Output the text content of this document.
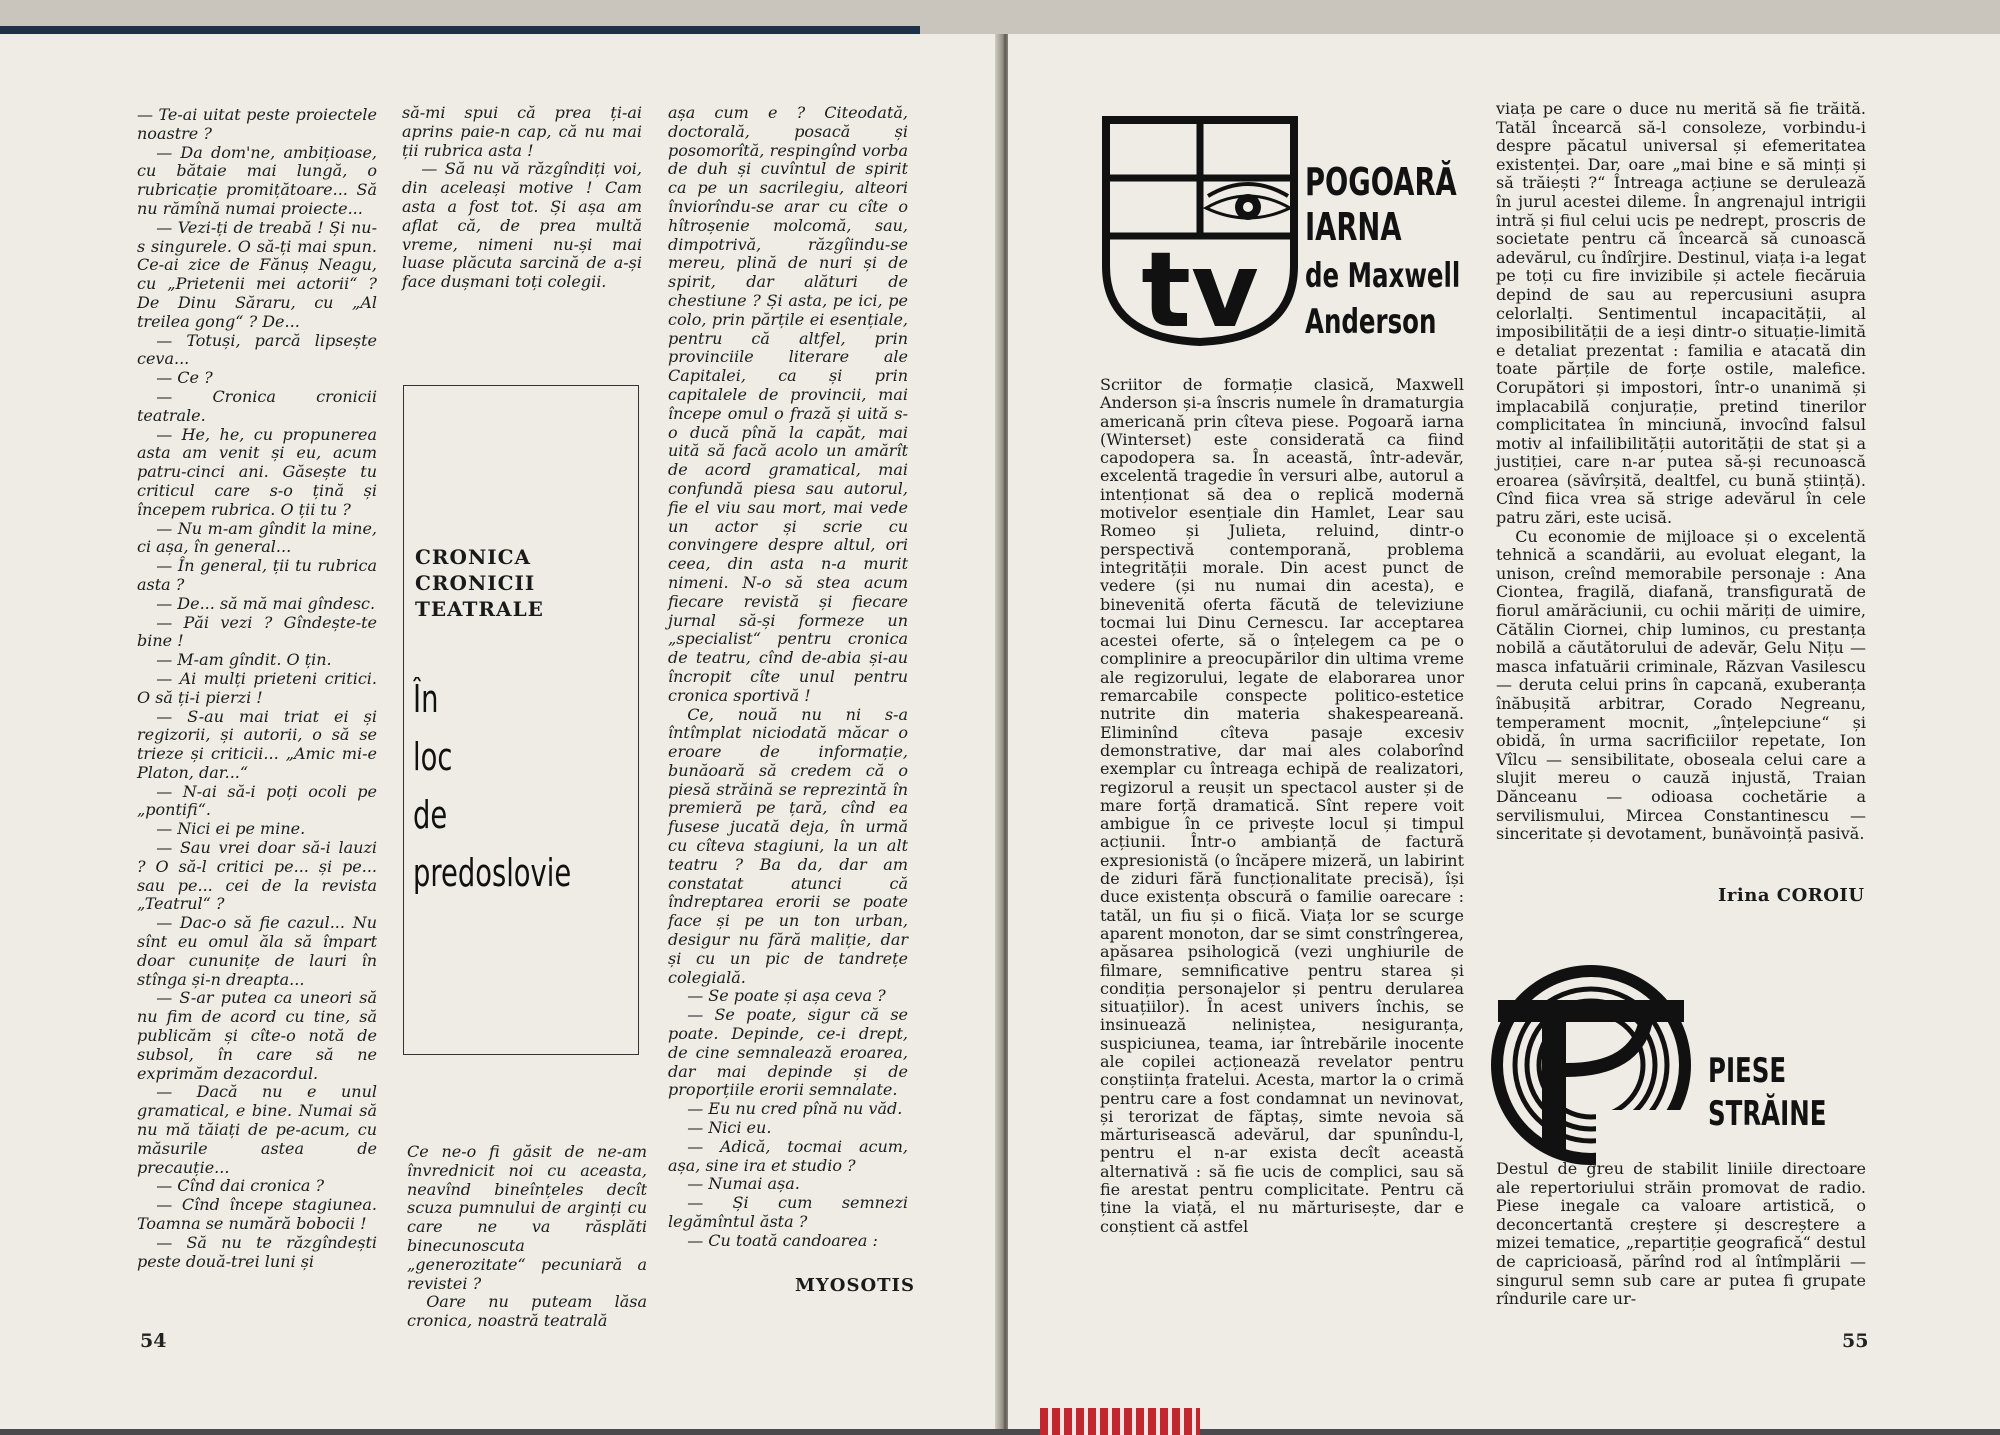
— Te-ai uitat peste proiectele noastre ?

— Da dom'ne, ambițioase, cu bătaie mai lungă, o rubricație promițătoare... Să nu rămînă numai proiecte...

— Vezi-ți de treabă ! Și nu-s singurele. O să-ți mai spun. Ce-ai zice de Fănuș Neagu, cu „Prietenii mei actorii“ ? De Dinu Săraru, cu „Al treilea gong“ ? De...

— Totuși, parcă lipsește ceva...

— Ce ?

— Cronica cronicii teatrale.

— He, he, cu propunerea asta am venit și eu, acum patru-cinci ani. Găsește tu criticul care s-o țină și începem rubrica. O ții tu ?

— Nu m-am gîndit la mine, ci așa, în general...

— În general, ții tu rubrica asta ?

— De... să mă mai gîndesc.

— Păi vezi ? Gîndește-te bine !

— M-am gîndit. O țin.

— Ai mulți prieteni critici. O să ți-i pierzi !

— S-au mai triat ei și regizorii, și autorii, o să se trieze și criticii... „Amic mi-e Platon, dar...“

— N-ai să-i poți ocoli pe „pontifi“.

— Nici ei pe mine.

— Sau vrei doar să-i lauzi ? O să-l critici pe... și pe... sau pe... cei de la revista „Teatrul“ ?

— Dac-o să fie cazul... Nu sînt eu omul ăla să împart doar cununițe de lauri în stînga și-n dreapta...

— S-ar putea ca uneori să nu fim de acord cu tine, să publicăm și cîte-o notă de subsol, în care să ne exprimăm dezacordul.

— Dacă nu e unul gramatical, e bine. Numai să nu mă tăiați de pe-acum, cu măsurile astea de precauție...

— Cînd dai cronica ?

— Cînd începe stagiunea. Toamna se numără bobocii !

— Să nu te răzgîndești peste două-trei luni și

să-mi spui că prea ți-ai aprins paie-n cap, că nu mai ții rubrica asta !

— Să nu vă răzgîndiți voi, din aceleași motive ! Cam asta a fost tot. Și așa am aflat că, de prea multă vreme, nimeni nu-și mai luase plăcuta sarcină de a-și face dușmani toți colegii.

CRONICA
CRONICII
TEATRALE
În
loc
de
predoslovie

Ce ne-o fi găsit de ne-am învrednicit noi cu aceasta, neavînd bineînțeles decît scuza pumnului de arginți cu care ne va răsplăti binecunoscuta „generozitate“ pecuniară a revistei ?

Oare nu puteam lăsa cronica, noastră teatrală

așa cum e ? Citeodată, doctorală, posacă și posomorîtă, respingînd vorba de duh și cuvîntul de spirit ca pe un sacrilegiu, alteori înviorîndu-se arar cu cîte o hîtroșenie molcomă, sau, dimpotrivă, răzgîindu-se mereu, plină de nuri și de spirit, dar alături de chestiune ? Și asta, pe ici, pe colo, prin părțile ei esențiale, pentru că altfel, prin provinciile literare ale Capitalei, ca și prin capitalele de provincii, mai începe omul o frază și uită s-o ducă pînă la capăt, mai uită să facă acolo un amărît de acord gramatical, mai confundă piesa sau autorul, fie el viu sau mort, mai vede un actor și scrie cu convingere despre altul, ori ceea, din asta n-a murit nimeni. N-o să stea acum fiecare revistă și fiecare jurnal să-și formeze un „specialist“ pentru cronica de teatru, cînd de-abia și-au încropit cîte unul pentru cronica sportivă !

Ce, nouă nu ni s-a întîmplat niciodată măcar o eroare de informație, bunăoară să credem că o piesă străină se reprezintă în premieră pe țară, cînd ea fusese jucată deja, în urmă cu cîteva stagiuni, la un alt teatru ? Ba da, dar am constatat atunci că îndreptarea erorii se poate face și pe un ton urban, desigur nu fără maliție, dar și cu un pic de tandrețe colegială.

— Se poate și așa ceva ?

— Se poate, sigur că se poate. Depinde, ce-i drept, de cine semnalează eroarea, dar mai depinde și de proporțiile erorii semnalate.

— Eu nu cred pînă nu văd.

— Nici eu.

— Adică, tocmai acum, așa, sine ira et studio ?

— Numai așa.

— Și cum semnezi legămîntul ăsta ?

— Cu toată candoarea :

MYOSOTIS
54
tv
POGOARĂ
IARNA
de Maxwell
Anderson

Scriitor de formație clasică, Maxwell Anderson și-a înscris numele în dramaturgia americană prin cîteva piese. Pogoară iarna (Winterset) este considerată ca fiind capodopera sa. În această, într-adevăr, excelentă tragedie în versuri albe, autorul a intenționat să dea o replică modernă motivelor esențiale din Hamlet, Lear sau Romeo și Julieta, reluind, dintr-o perspectivă contemporană, problema integrității morale. Din acest punct de vedere (și nu numai din acesta), e binevenită oferta făcută de televiziune tocmai lui Dinu Cernescu. Iar acceptarea acestei oferte, să o înțelegem ca pe o complinire a preocupărilor din ultima vreme ale regizorului, legate de elaborarea unor remarcabile conspecte politico-estetice nutrite din materia shakespeareană. Eliminînd cîteva pasaje excesiv demonstrative, dar mai ales colaborînd exemplar cu întreaga echipă de realizatori, regizorul a reușit un spectacol auster și de mare forță dramatică. Sînt repere voit ambigue în ce privește locul și timpul acțiunii. Într-o ambianță de factură expresionistă (o încăpere mizeră, un labirint de ziduri fără funcționalitate precisă), își duce existența obscură o familie oarecare : tatăl, un fiu și o fiică. Viața lor se scurge aparent monoton, dar se simt constrîngerea, apăsarea psihologică (vezi unghiurile de filmare, semnificative pentru starea și condiția personajelor și pentru derularea situațiilor). În acest univers închis, se insinuează neliniștea, nesiguranța, suspiciunea, teama, iar întrebările inocente ale copilei acționează revelator pentru conștiința fratelui. Acesta, martor la o crimă pentru care a fost condamnat un nevinovat, și terorizat de făptaș, simte nevoia să mărturisească adevărul, dar spunîndu-l, pentru el n-ar exista decît această alternativă : să fie ucis de complici, sau să fie arestat pentru complicitate. Pentru că ține la viață, el nu mărturisește, dar e conștient că astfel

viața pe care o duce nu merită să fie trăită. Tatăl încearcă să-l consoleze, vorbindu-i despre păcatul universal și efemeritatea existenței. Dar, oare „mai bine e să minți și să trăiești ?“ Întreaga acțiune se derulează în jurul acestei dileme. În angrenajul intrigii intră și fiul celui ucis pe nedrept, proscris de societate pentru că încearcă să cunoască adevărul, cu îndîrjire. Destinul, viața i-a legat pe toți cu fire invizibile și actele fiecăruia depind de sau au repercusiuni asupra celorlalți. Sentimentul incapacității, al imposibilității de a ieși dintr-o situație-limită e detaliat prezentat : familia e atacată din toate părțile de forțe ostile, malefice. Corupători și impostori, într-o unanimă și implacabilă conjurație, pretind tinerilor complicitatea în minciună, invocînd falsul motiv al infailibilității autorității de stat și a justiției, care n-ar putea să-și recunoască eroarea (săvîrșită, dealtfel, cu bună știință). Cînd fiica vrea să strige adevărul în cele patru zări, este ucisă.

Cu economie de mijloace și o excelentă tehnică a scandării, au evoluat elegant, la unison, creînd memorabile personaje : Ana Ciontea, fragilă, diafană, transfigurată de fiorul amărăciunii, cu ochii măriți de uimire, Cătălin Ciornei, chip luminos, cu prestanța nobilă a căutătorului de adevăr, Gelu Nițu — masca infatuării criminale, Răzvan Vasilescu — deruta celui prins în capcană, exuberanța înăbușită arbitrar, Corado Negreanu, temperament mocnit, „înțelepciune“ și obidă, în urma sacrificiilor repetate, Ion Vîlcu — sensibilitate, oboseala celui care a slujit mereu o cauză injustă, Traian Dănceanu — odioasa cochetărie a servilismului, Mircea Constantinescu — sinceritate și devotament, bunăvoință pasivă.

Irina COROIU
PIESE
STRĂINE
Destul de greu de stabilit liniile directoare ale repertoriului străin promovat de radio. Piese inegale ca valoare artistică, o deconcertantă creștere și descreștere a mizei tematice, „repartiție geografică“ destul de capricioasă, părînd rod al întîmplării — singurul semn sub care ar putea fi grupate rîndurile care ur-
55
